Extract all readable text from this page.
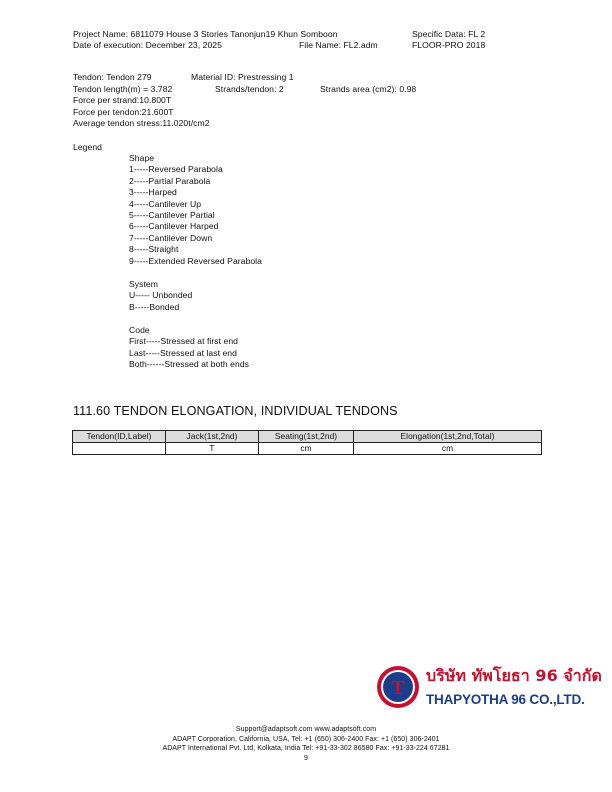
Project Name: 6811079 House 3 Stories Tanonjun19 Khun Somboon	Specific Data: FL 2
Date of execution: December 23, 2025	File Name: FL2.adm	FLOOR-PRO 2018
Tendon: Tendon 279	Material ID: Prestressing 1
Tendon length(m) = 3.782	Strands/tendon: 2	Strands area (cm2): 0.98
Force per strand:10.800T
Force per tendon:21.600T
Average tendon stress:11.020t/cm2
Legend
Shape
1-----Reversed Parabola
2-----Partial Parabola
3-----Harped
4-----Cantilever Up
5-----Cantilever Partial
6-----Cantilever Harped
7-----Cantilever Down
8-----Straight
9-----Extended Reversed Parabola
System
U----- Unbonded
B-----Bonded
Code
First-----Stressed at first end
Last-----Stressed at last end
Both------Stressed at both ends
111.60 TENDON ELONGATION, INDIVIDUAL TENDONS
Tendon(ID,Label)	Jack(1st,2nd)	Seating(1st,2nd)	Elongation(1st,2nd,Total)
	T	cm	cm
T
บริษัท ทัพโยธา 96 จำกัด
THAPYOTHA 96 CO.,LTD.
Support@adaptsoft.com www.adaptsoft.com
ADAPT Corporation, California, USA, Tel: +1 (650) 306-2400 Fax: +1 (650) 306-2401
ADAPT International Pvt. Ltd, Kolkata, India Tel: +91-33-302 86580 Fax: +91-33-224 67281
9
